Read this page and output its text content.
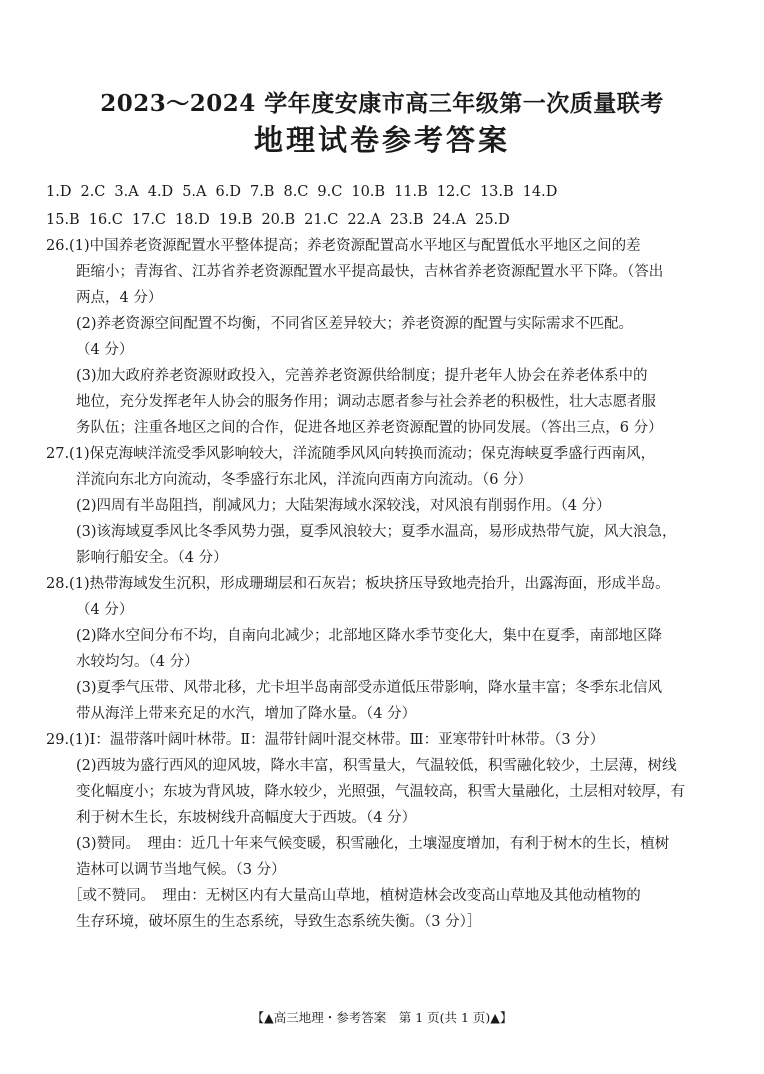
2023～2024 学年度安康市高三年级第一次质量联考
地理试卷参考答案
1.D 2.C 3.A 4.D 5.A 6.D 7.B 8.C 9.C 10.B 11.B 12.C 13.B 14.D
15.B 16.C 17.C 18.D 19.B 20.B 21.C 22.A 23.B 24.A 25.D
26.(1)中国养老资源配置水平整体提高；养老资源配置高水平地区与配置低水平地区之间的差
距缩小；青海省、江苏省养老资源配置水平提高最快，吉林省养老资源配置水平下降。（答出
两点，4 分）
(2)养老资源空间配置不均衡，不同省区差异较大；养老资源的配置与实际需求不匹配。
（4 分）
(3)加大政府养老资源财政投入，完善养老资源供给制度；提升老年人协会在养老体系中的
地位，充分发挥老年人协会的服务作用；调动志愿者参与社会养老的积极性，壮大志愿者服
务队伍；注重各地区之间的合作，促进各地区养老资源配置的协同发展。（答出三点，6 分）
27.(1)保克海峡洋流受季风影响较大，洋流随季风风向转换而流动；保克海峡夏季盛行西南风，
洋流向东北方向流动，冬季盛行东北风，洋流向西南方向流动。（6 分）
(2)四周有半岛阻挡，削减风力；大陆架海域水深较浅，对风浪有削弱作用。（4 分）
(3)该海域夏季风比冬季风势力强，夏季风浪较大；夏季水温高，易形成热带气旋，风大浪急，
影响行船安全。（4 分）
28.(1)热带海域发生沉积，形成珊瑚层和石灰岩；板块挤压导致地壳抬升，出露海面，形成半岛。
（4 分）
(2)降水空间分布不均，自南向北减少；北部地区降水季节变化大，集中在夏季，南部地区降
水较均匀。（4 分）
(3)夏季气压带、风带北移，尤卡坦半岛南部受赤道低压带影响，降水量丰富；冬季东北信风
带从海洋上带来充足的水汽，增加了降水量。（4 分）
29.(1)Ⅰ：温带落叶阔叶林带。Ⅱ：温带针阔叶混交林带。Ⅲ：亚寒带针叶林带。（3 分）
(2)西坡为盛行西风的迎风坡，降水丰富，积雪量大，气温较低，积雪融化较少，土层薄，树线
变化幅度小；东坡为背风坡，降水较少，光照强，气温较高，积雪大量融化，土层相对较厚，有
利于树木生长，东坡树线升高幅度大于西坡。（4 分）
(3)赞同。　理由：近几十年来气候变暖，积雪融化，土壤湿度增加，有利于树木的生长，植树
造林可以调节当地气候。（3 分）
［或不赞同。　理由：无树区内有大量高山草地，植树造林会改变高山草地及其他动植物的
生存环境，破坏原生的生态系统，导致生态系统失衡。（3 分）］
【▲高三地理・参考答案　第 1 页(共 1 页)▲】
